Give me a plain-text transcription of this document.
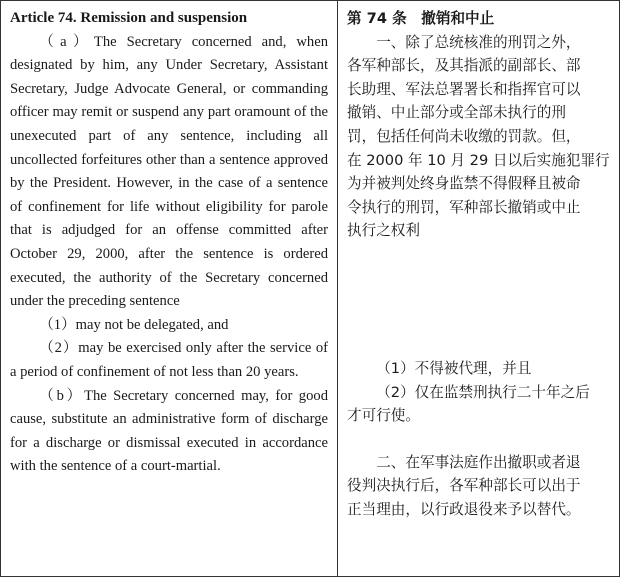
Article 74. Remission and suspension
（a）The Secretary concerned and, when designated by him, any Under Secretary, Assistant Secretary, Judge Advocate General, or commanding officer may remit or suspend any part oramount of the unexecuted part of any sentence, including all uncollected forfeitures other than a sentence approved by the President. However, in the case of a sentence of confinement for life without eligibility for parole that is adjudged for an offense committed after October 29, 2000, after the sentence is ordered executed, the authority of the Secretary concerned under the preceding sentence
（1）may not be delegated, and
（2）may be exercised only after the service of a period of confinement of not less than 20 years.
（b）The Secretary concerned may, for good cause, substitute an administrative form of discharge for a discharge or dismissal executed in accordance with the sentence of a court-martial.

第 74 条　撤销和中止
一、除了总统核准的刑罚之外，
各军种部长，及其指派的副部长、部
长助理、军法总署署长和指挥官可以
撤销、中止部分或全部未执行的刑
罚，包括任何尚未收缴的罚款。但，
在 2000 年 10 月 29 日以后实施犯罪行
为并被判处终身监禁不得假释且被命
令执行的刑罚，军种部长撤销或中止
执行之权利
（1）不得被代理，并且
（2）仅在监禁刑执行二十年之后
才可行使。
二、在军事法庭作出撤职或者退
役判决执行后，各军种部长可以出于
正当理由，以行政退役来予以替代。
